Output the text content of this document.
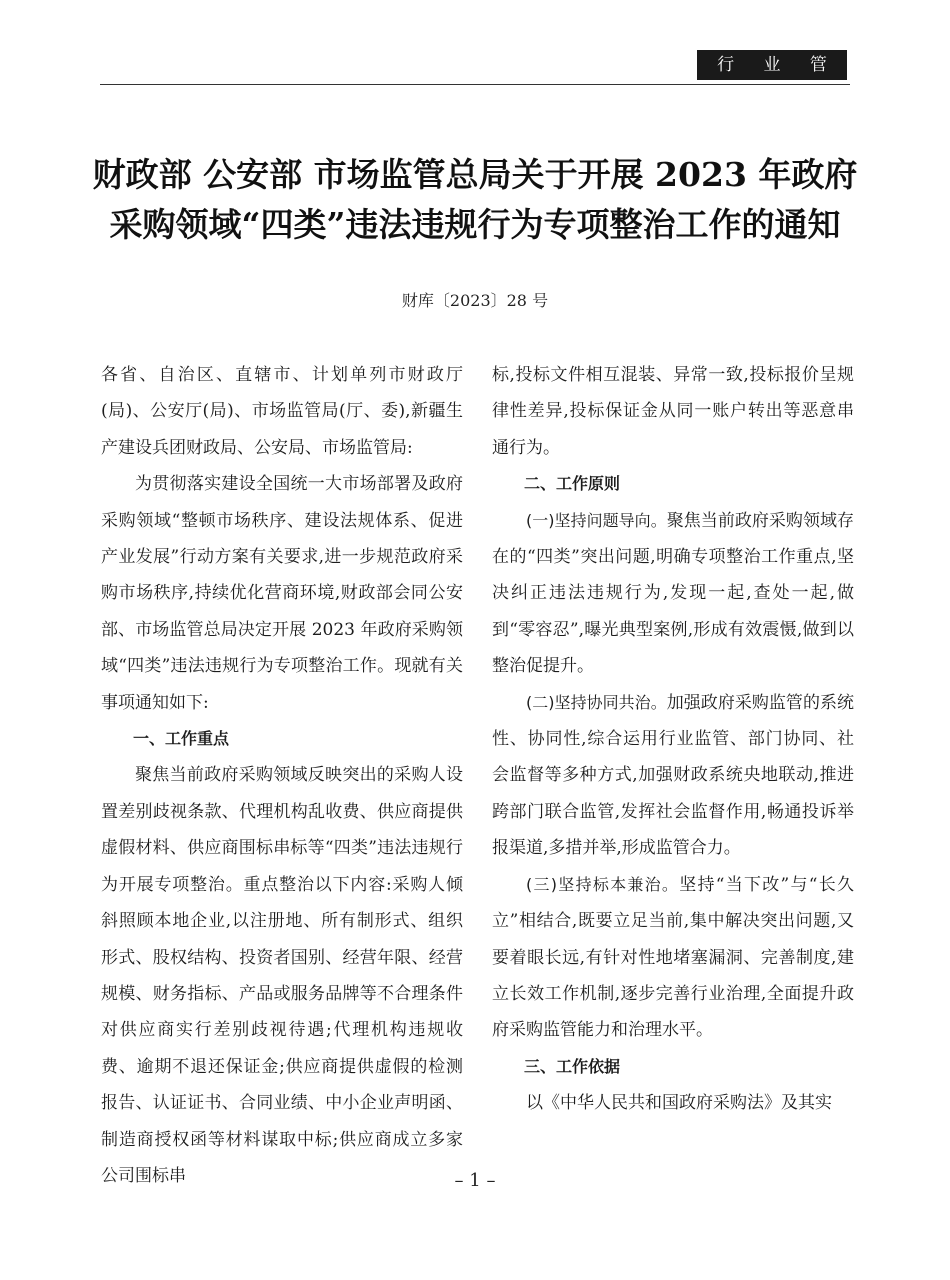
行 业 管 理
财政部 公安部 市场监管总局关于开展 2023 年政府
采购领域“四类”违法违规行为专项整治工作的通知
财库〔2023〕28 号

各省、自治区、直辖市、计划单列市财政厅(局)、公安厅(局)、市场监管局(厅、委),新疆生产建设兵团财政局、公安局、市场监管局:

为贯彻落实建设全国统一大市场部署及政府采购领域“整顿市场秩序、建设法规体系、促进产业发展”行动方案有关要求,进一步规范政府采购市场秩序,持续优化营商环境,财政部会同公安部、市场监管总局决定开展 2023 年政府采购领域“四类”违法违规行为专项整治工作。现就有关事项通知如下:

一、工作重点

聚焦当前政府采购领域反映突出的采购人设置差别歧视条款、代理机构乱收费、供应商提供虚假材料、供应商围标串标等“四类”违法违规行为开展专项整治。重点整治以下内容:采购人倾斜照顾本地企业,以注册地、所有制形式、组织形式、股权结构、投资者国别、经营年限、经营规模、财务指标、产品或服务品牌等不合理条件对供应商实行差别歧视待遇;代理机构违规收费、逾期不退还保证金;供应商提供虚假的检测报告、认证证书、合同业绩、中小企业声明函、制造商授权函等材料谋取中标;供应商成立多家公司围标串

标,投标文件相互混装、异常一致,投标报价呈规律性差异,投标保证金从同一账户转出等恶意串通行为。

二、工作原则

(一)坚持问题导向。聚焦当前政府采购领域存在的“四类”突出问题,明确专项整治工作重点,坚决纠正违法违规行为,发现一起,查处一起,做到“零容忍”,曝光典型案例,形成有效震慑,做到以整治促提升。

(二)坚持协同共治。加强政府采购监管的系统性、协同性,综合运用行业监管、部门协同、社会监督等多种方式,加强财政系统央地联动,推进跨部门联合监管,发挥社会监督作用,畅通投诉举报渠道,多措并举,形成监管合力。

(三)坚持标本兼治。坚持“当下改”与“长久立”相结合,既要立足当前,集中解决突出问题,又要着眼长远,有针对性地堵塞漏洞、完善制度,建立长效工作机制,逐步完善行业治理,全面提升政府采购监管能力和治理水平。

三、工作依据

以《中华人民共和国政府采购法》及其实

– 1 –
